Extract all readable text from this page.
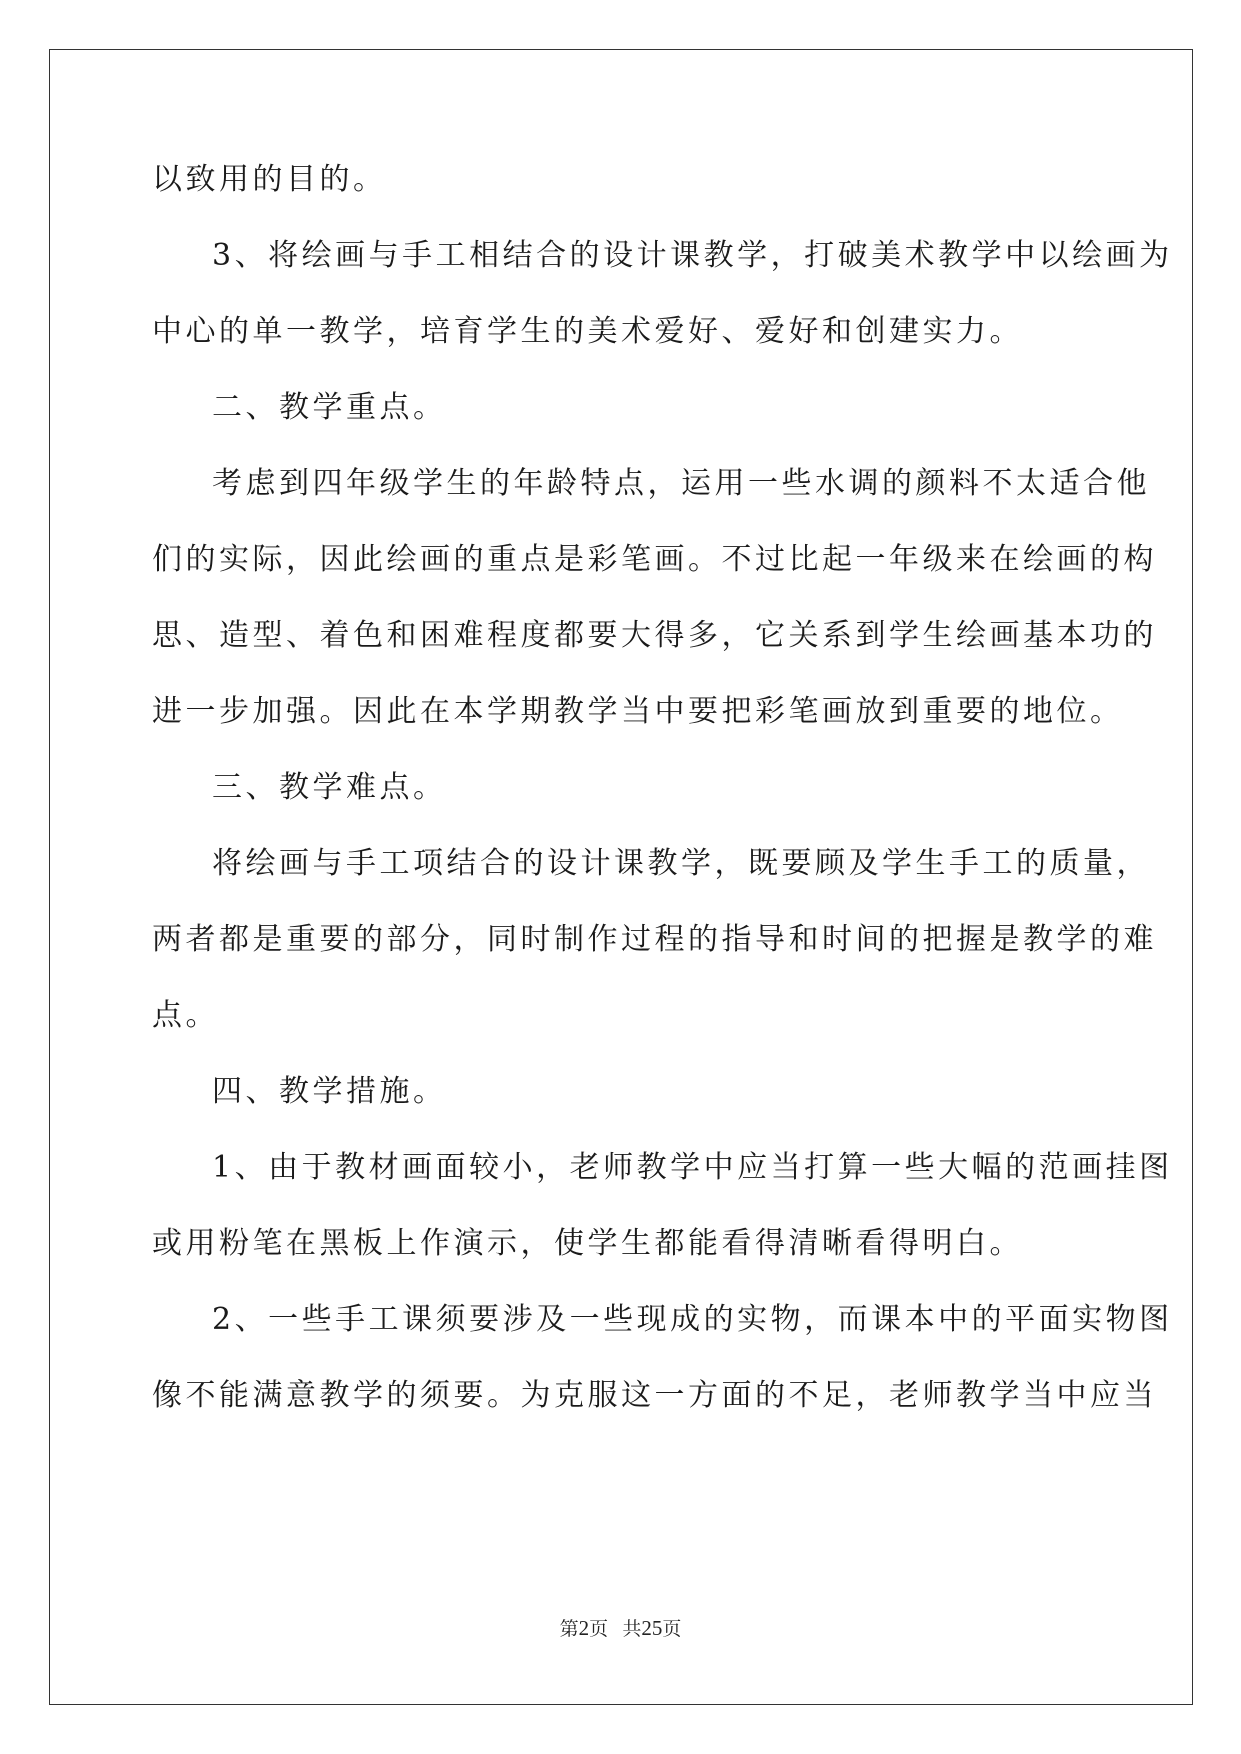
以致用的目的。
3、将绘画与手工相结合的设计课教学，打破美术教学中以绘画为
中心的单一教学，培育学生的美术爱好、爱好和创建实力。
二、教学重点。
考虑到四年级学生的年龄特点，运用一些水调的颜料不太适合他
们的实际，因此绘画的重点是彩笔画。不过比起一年级来在绘画的构
思、造型、着色和困难程度都要大得多，它关系到学生绘画基本功的
进一步加强。因此在本学期教学当中要把彩笔画放到重要的地位。
三、教学难点。
将绘画与手工项结合的设计课教学，既要顾及学生手工的质量，
两者都是重要的部分，同时制作过程的指导和时间的把握是教学的难
点。
四、教学措施。
1、由于教材画面较小，老师教学中应当打算一些大幅的范画挂图
或用粉笔在黑板上作演示，使学生都能看得清晰看得明白。
2、一些手工课须要涉及一些现成的实物，而课本中的平面实物图
像不能满意教学的须要。为克服这一方面的不足，老师教学当中应当
第2页 共25页
